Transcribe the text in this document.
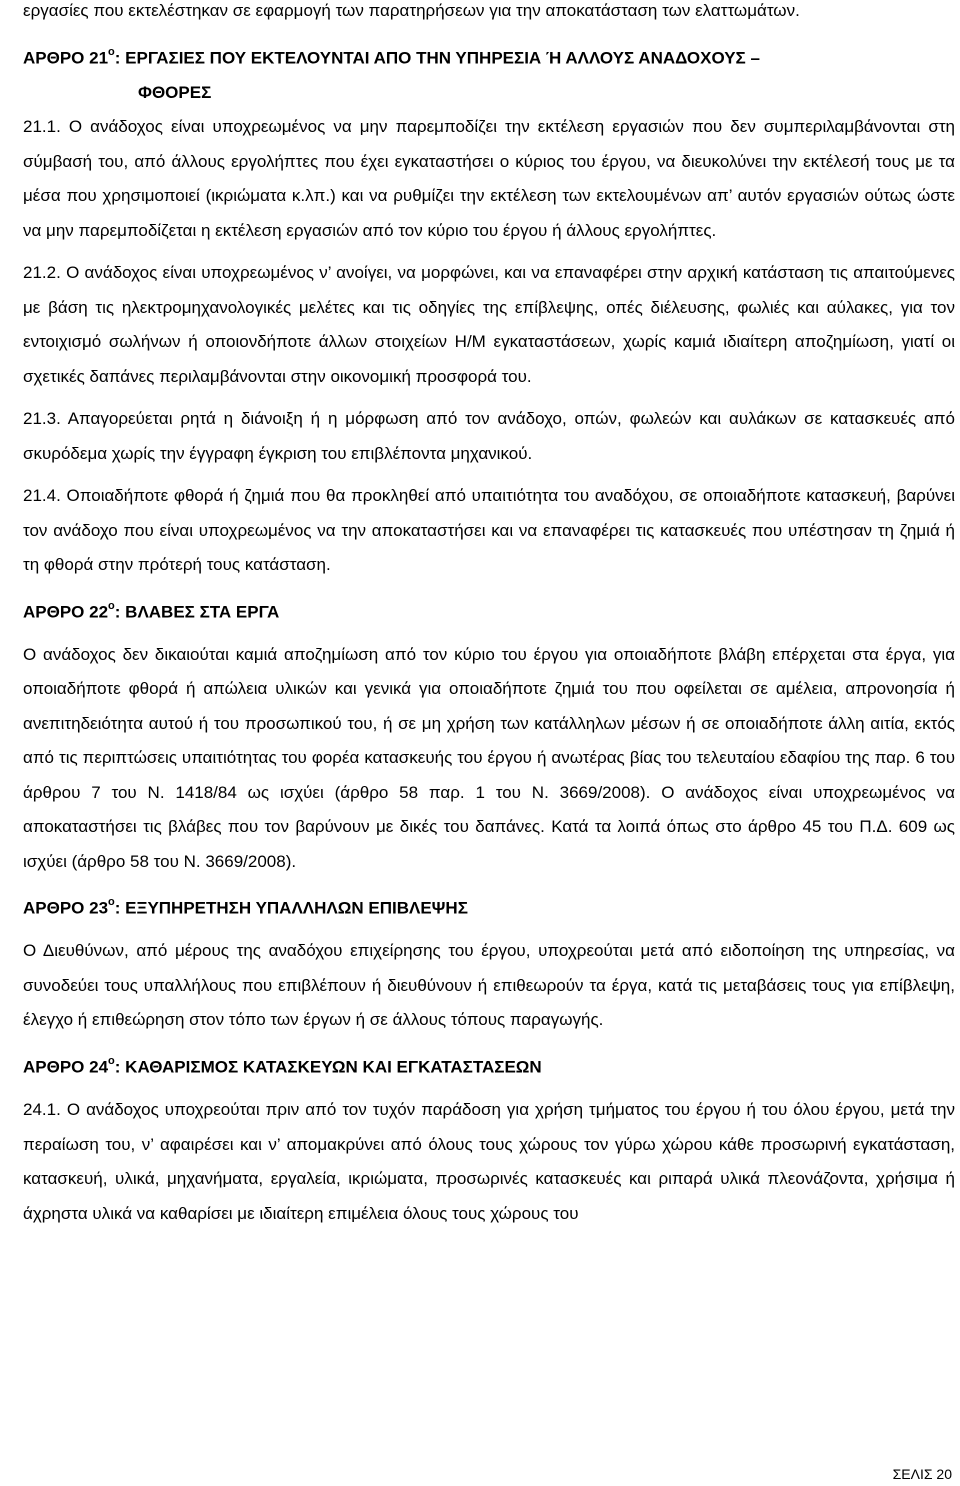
εργασίες που εκτελέστηκαν σε εφαρμογή των παρατηρήσεων για την αποκατάσταση των ελαττωμάτων.

ΑΡΘΡΟ $21^o$: ΕΡΓΑΣΙΕΣ ΠΟΥ ΕΚΤΕΛΟΥΝΤΑΙ ΑΠΟ ΤΗΝ ΥΠΗΡΕΣΙΑ Ή ΑΛΛΟΥΣ ΑΝΑΔΟΧΟΥΣ –
ΦΘΟΡΕΣ

21.1. Ο ανάδοχος είναι υποχρεωμένος να μην παρεμποδίζει την εκτέλεση εργασιών που δεν συμπεριλαμβάνονται στη σύμβασή του, από άλλους εργολήπτες που έχει εγκαταστήσει ο κύριος του έργου, να διευκολύνει την εκτέλεσή τους με τα μέσα που χρησιμοποιεί (ικριώματα κ.λπ.) και να ρυθμίζει την εκτέλεση των εκτελουμένων απ’ αυτόν εργασιών ούτως ώστε να μην παρεμποδίζεται η εκτέλεση εργασιών από τον κύριο του έργου ή άλλους εργολήπτες.

21.2. Ο ανάδοχος είναι υποχρεωμένος ν’ ανοίγει, να μορφώνει, και να επαναφέρει στην αρχική κατάσταση τις απαιτούμενες με βάση τις ηλεκτρομηχανολογικές μελέτες και τις οδηγίες της επίβλεψης, οπές διέλευσης, φωλιές και αύλακες, για τον εντοιχισμό σωλήνων ή οποιονδήποτε άλλων στοιχείων Η/Μ εγκαταστάσεων, χωρίς καμιά ιδιαίτερη αποζημίωση, γιατί οι σχετικές δαπάνες περιλαμβάνονται στην οικονομική προσφορά του.

21.3. Απαγορεύεται ρητά η διάνοιξη ή η μόρφωση από τον ανάδοχο, οπών, φωλεών και αυλάκων σε κατασκευές από σκυρόδεμα χωρίς την έγγραφη έγκριση του επιβλέποντα μηχανικού.

21.4. Οποιαδήποτε φθορά ή ζημιά που θα προκληθεί από υπαιτιότητα του αναδόχου, σε οποιαδήποτε κατασκευή, βαρύνει τον ανάδοχο που είναι υποχρεωμένος να την αποκαταστήσει και να επαναφέρει τις κατασκευές που υπέστησαν τη ζημιά ή τη φθορά στην πρότερή τους κατάσταση.

ΑΡΘΡΟ $22^o$: ΒΛΑΒΕΣ ΣΤΑ ΕΡΓΑ

Ο ανάδοχος δεν δικαιούται καμιά αποζημίωση από τον κύριο του έργου για οποιαδήποτε βλάβη επέρχεται στα έργα, για οποιαδήποτε φθορά ή απώλεια υλικών και γενικά για οποιαδήποτε ζημιά του που οφείλεται σε αμέλεια, απρονοησία ή ανεπιτηδειότητα αυτού ή του προσωπικού του, ή σε μη χρήση των κατάλληλων μέσων ή σε οποιαδήποτε άλλη αιτία, εκτός από τις περιπτώσεις υπαιτιότητας του φορέα κατασκευής του έργου ή ανωτέρας βίας του τελευταίου εδαφίου της παρ. 6 του άρθρου 7 του Ν. 1418/84 ως ισχύει (άρθρο 58 παρ. 1 του Ν. 3669/2008). Ο ανάδοχος είναι υποχρεωμένος να αποκαταστήσει τις βλάβες που τον βαρύνουν με δικές του δαπάνες. Κατά τα λοιπά όπως στο άρθρο 45 του Π.Δ. 609 ως ισχύει (άρθρο 58 του Ν. 3669/2008).

ΑΡΘΡΟ $23^o$: ΕΞΥΠΗΡΕΤΗΣΗ ΥΠΑΛΛΗΛΩΝ ΕΠΙΒΛΕΨΗΣ

Ο Διευθύνων, από μέρους της αναδόχου επιχείρησης του έργου, υποχρεούται μετά από ειδοποίηση της υπηρεσίας, να συνοδεύει τους υπαλλήλους που επιβλέπουν ή διευθύνουν ή επιθεωρούν τα έργα, κατά τις μεταβάσεις τους για επίβλεψη, έλεγχο ή επιθεώρηση στον τόπο των έργων ή σε άλλους τόπους παραγωγής.

ΑΡΘΡΟ $24^o$: ΚΑΘΑΡΙΣΜΟΣ ΚΑΤΑΣΚΕΥΩΝ ΚΑΙ ΕΓΚΑΤΑΣΤΑΣΕΩΝ

24.1. Ο ανάδοχος υποχρεούται πριν από τον τυχόν παράδοση για χρήση τμήματος του έργου ή του όλου έργου, μετά την περαίωση του, ν’ αφαιρέσει και ν’ απομακρύνει από όλους τους χώρους τον γύρω χώρου κάθε προσωρινή εγκατάσταση, κατασκευή, υλικά, μηχανήματα, εργαλεία, ικριώματα, προσωρινές κατασκευές και ριπαρά υλικά πλεονάζοντα, χρήσιμα ή άχρηστα υλικά να καθαρίσει με ιδιαίτερη επιμέλεια όλους τους χώρους του

ΣΕΛΙΣ 20
